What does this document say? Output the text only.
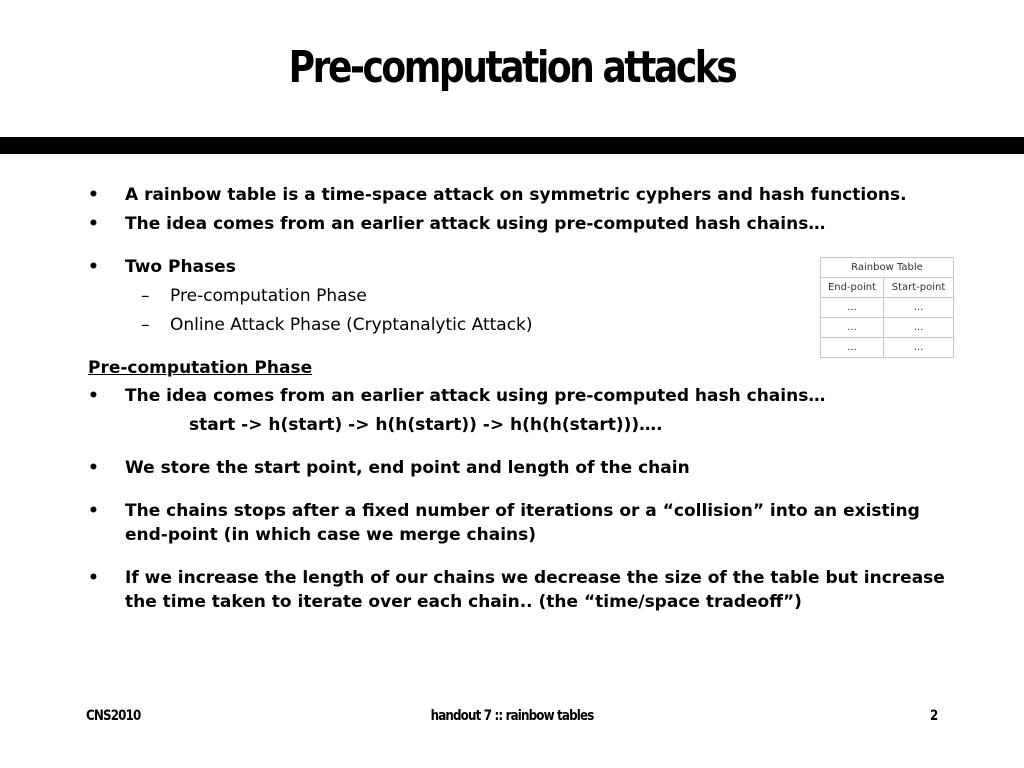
Pre-computation attacks
•	A rainbow table is a time-space attack on symmetric cyphers and hash functions.
•	The idea comes from an earlier attack using pre-computed hash chains…
•	Two Phases
– Pre-computation Phase
– Online Attack Phase (Cryptanalytic Attack)
Pre-computation Phase
•	The idea comes from an earlier attack using pre-computed hash chains…
start -> h(start) -> h(h(start)) -> h(h(h(start)))….
•	We store the start point, end point and length of the chain
•	The chains stops after a fixed number of iterations or a “collision” into an existing end-point (in which case we merge chains)
•	If we increase the length of our chains we decrease the size of the table but increase the time taken to iterate over each chain.. (the “time/space tradeoff”)
Rainbow Table	
End-point	Start-point
...	...
...	...
...	...
CNS2010	handout 7 :: rainbow tables	2
